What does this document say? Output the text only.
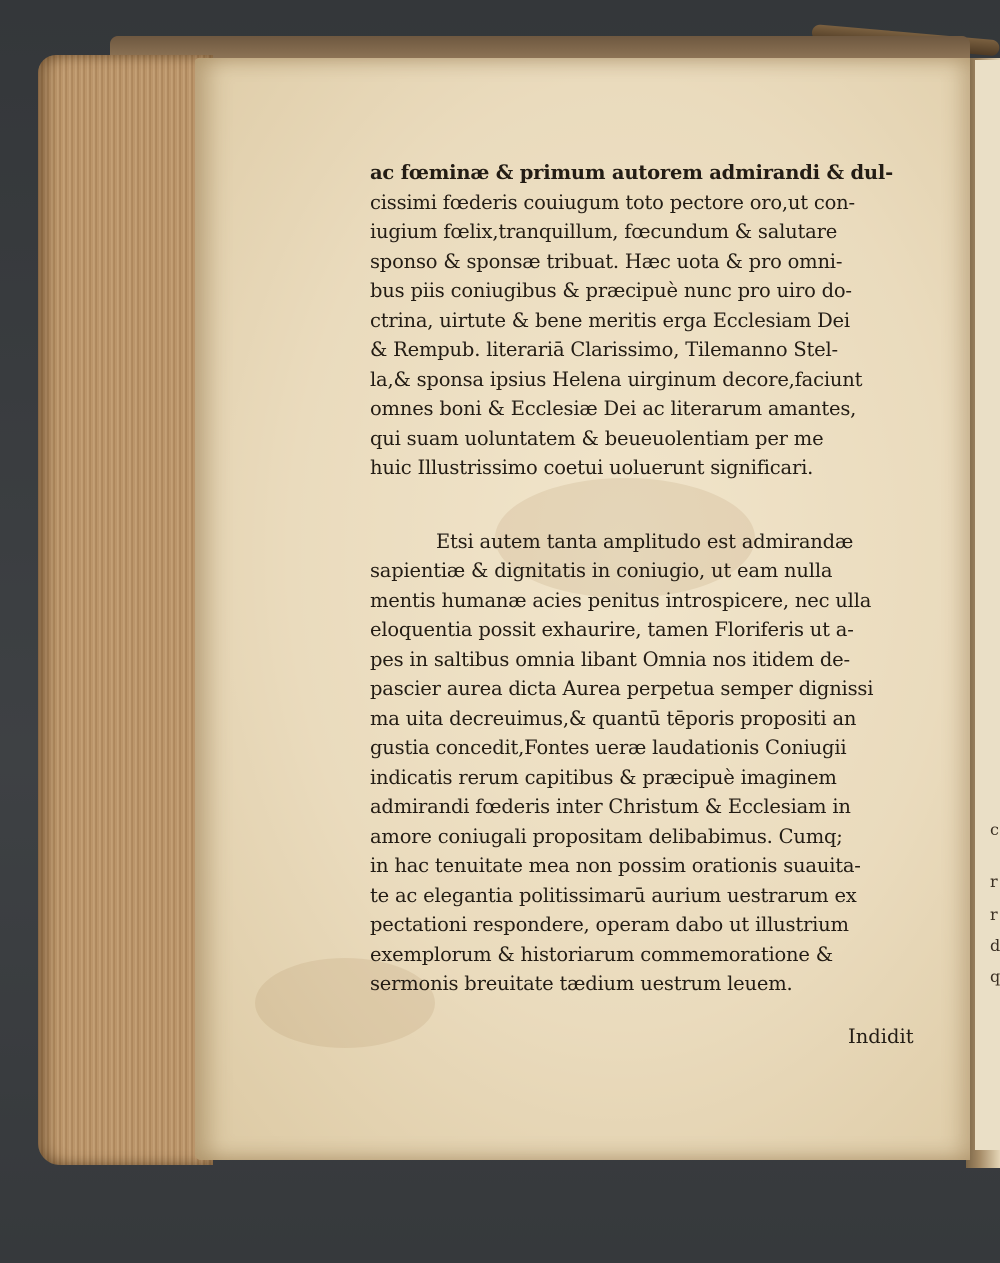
ac fœminæ & primum autorem admirandi & dul-
cissimi fœderis couiugum toto pectore oro,ut con-
iugium fœlix,tranquillum, fœcundum & salutare
sponso & sponsæ tribuat. Hæc uota & pro omni-
bus piis coniugibus & præcipuè nunc pro uiro do-
ctrina, uirtute & bene meritis erga Ecclesiam Dei
& Rempub. literariā Clarissimo, Tilemanno Stel-
la,& sponsa ipsius Helena uirginum decore,faciunt
omnes boni & Ecclesiæ Dei ac literarum amantes,
qui suam uoluntatem & beueuolentiam per me
huic Illustrissimo coetui uoluerunt significari.
Etsi autem tanta amplitudo est admirandæ
sapientiæ & dignitatis in coniugio, ut eam nulla
mentis humanæ acies penitus introspicere, nec ulla
eloquentia possit exhaurire, tamen Floriferis ut a-
pes in saltibus omnia libant Omnia nos itidem de-
pascier aurea dicta Aurea perpetua semper dignissi
ma uita decreuimus,& quantū tēporis propositi an
gustia concedit,Fontes ueræ laudationis Coniugii
indicatis rerum capitibus & præcipuè imaginem
admirandi fœderis inter Christum & Ecclesiam in
amore coniugali propositam delibabimus. Cumq;
in hac tenuitate mea non possim orationis suauita-
te ac elegantia politissimarū aurium uestrarum ex
pectationi respondere, operam dabo ut illustrium
exemplorum & historiarum commemoratione &
sermonis breuitate tædium uestrum leuem.
Indidit
c
r
r
d
q
